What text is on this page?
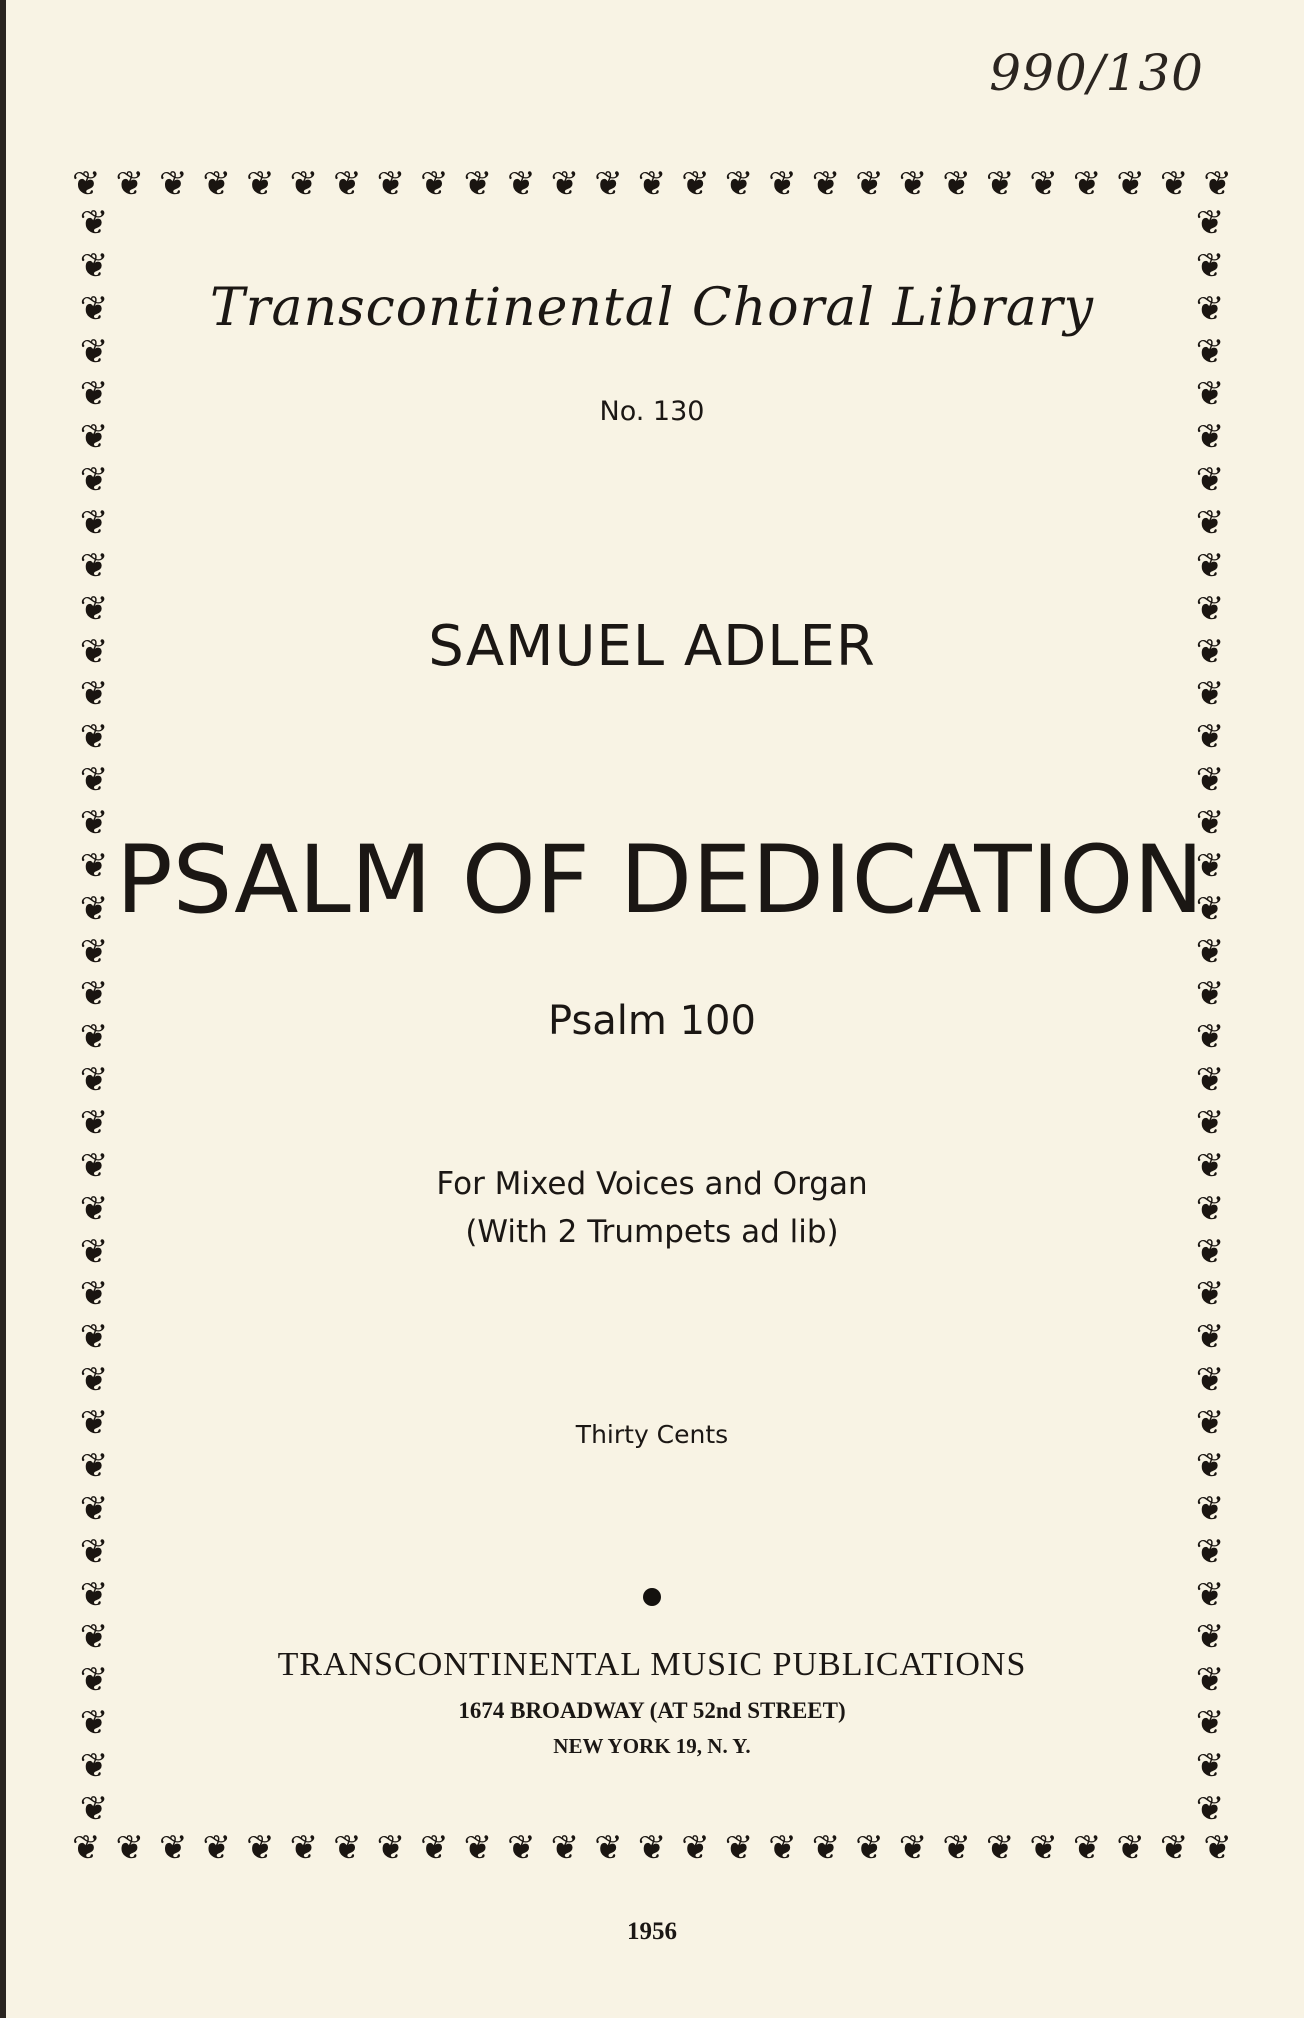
990/130
❦ ❦ ❦ ❦ ❦ ❦ ❦ ❦ ❦ ❦ ❦ ❦ ❦ ❦ ❦ ❦ ❦ ❦ ❦ ❦ ❦ ❦ ❦ ❦ ❦ ❦ ❦
❦ ❦ ❦ ❦ ❦ ❦ ❦ ❦ ❦ ❦ ❦ ❦ ❦ ❦ ❦ ❦ ❦ ❦ ❦ ❦ ❦ ❦ ❦ ❦ ❦ ❦ ❦
❦
❦
❦
❦
❦
❦
❦
❦
❦
❦
❦
❦
❦
❦
❦
❦
❦
❦
❦
❦
❦
❦
❦
❦
❦
❦
❦
❦
❦
❦
❦
❦
❦
❦
❦
❦
❦
❦
❦
❦
❦
❦
❦
❦
❦
❦
❦
❦
❦
❦
❦
❦
❦
❦
❦
❦
❦
❦
❦
❦
❦
❦
❦
❦
❦
❦
❦
❦
❦
❦
❦
❦
❦
❦
❦
❦
Transcontinental Choral Library
No. 130
SAMUEL ADLER
PSALM OF DEDICATION
Psalm 100
For Mixed Voices and Organ
(With 2 Trumpets ad lib)
Thirty Cents
TRANSCONTINENTAL MUSIC PUBLICATIONS
1674 BROADWAY (AT 52nd STREET)
NEW YORK 19, N. Y.
1956
